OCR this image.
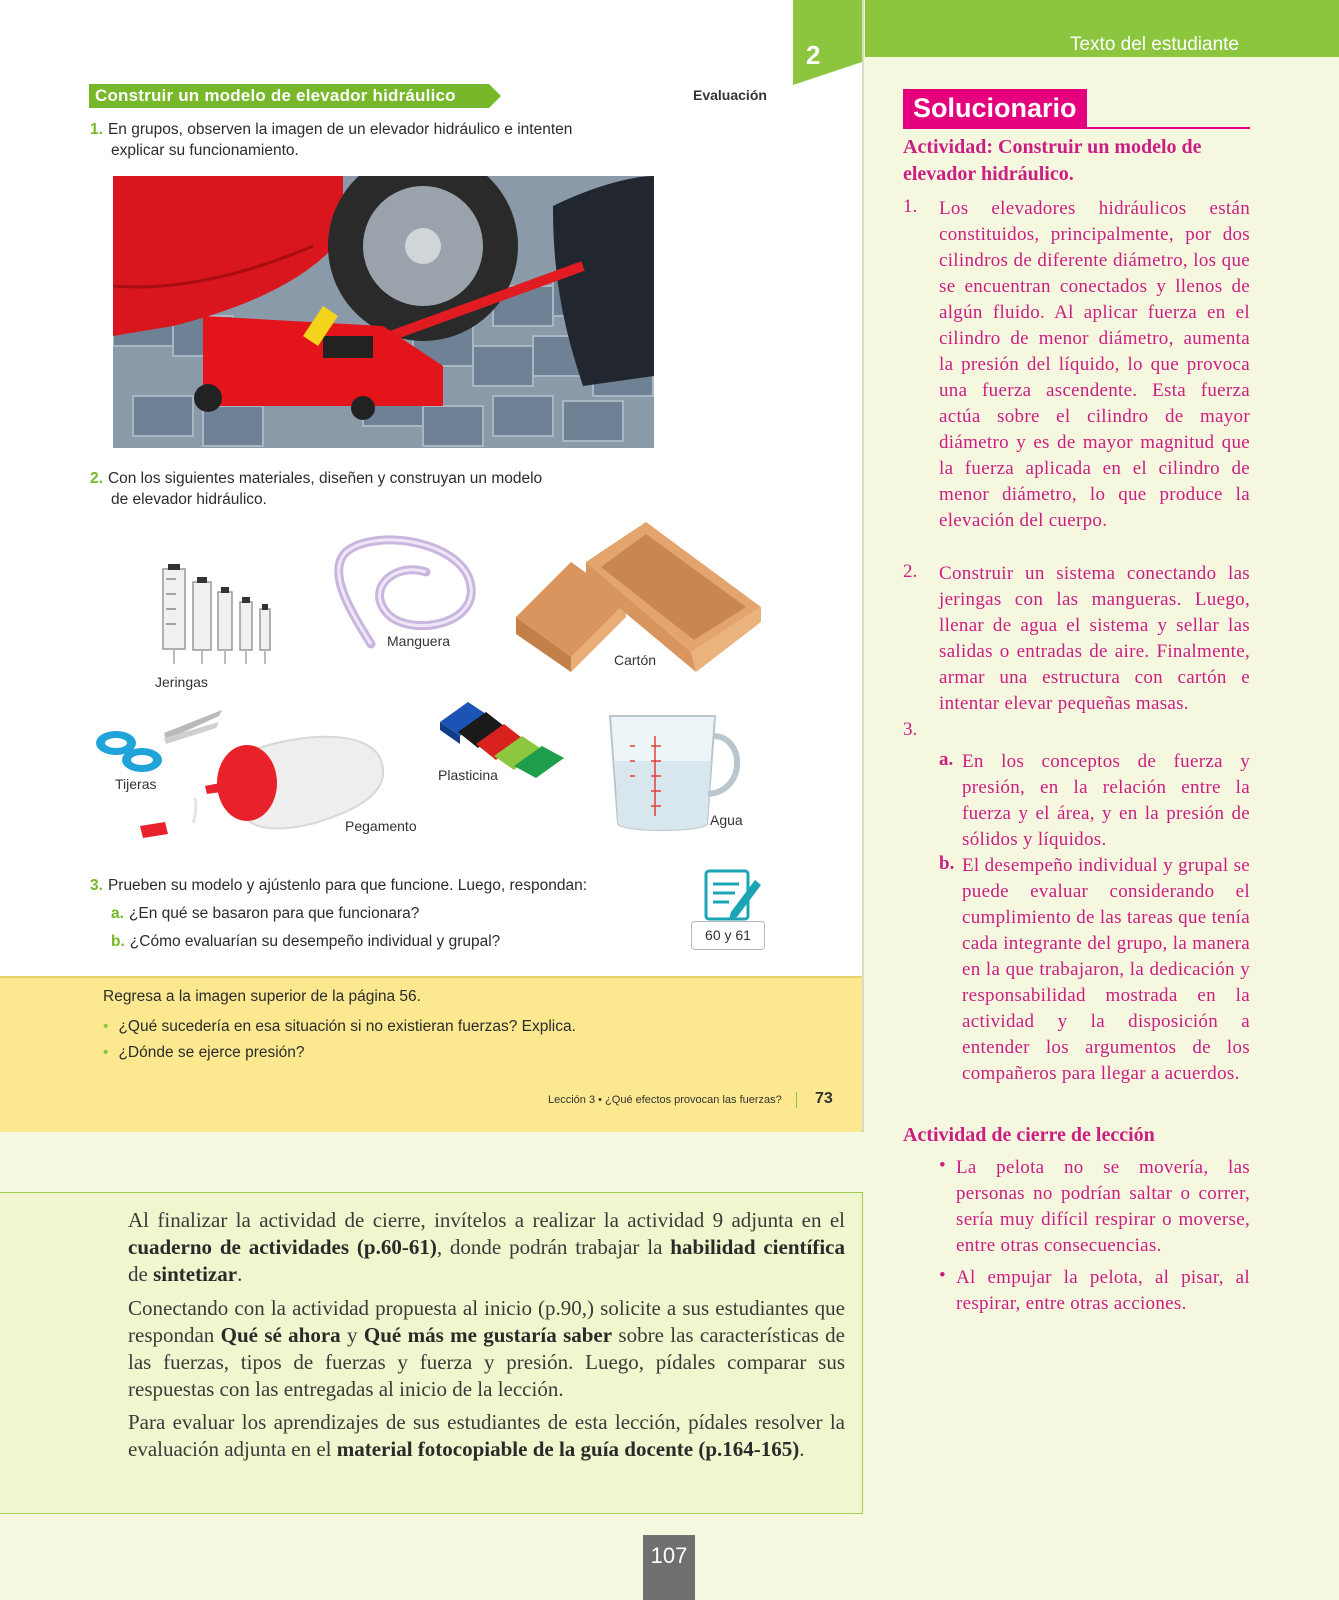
2
Construir un modelo de elevador hidráulico	Evaluación
1. En grupos, observen la imagen de un elevador hidráulico e intenten
explicar su funcionamiento.
2. Con los siguientes materiales, diseñen y construyan un modelo
de elevador hidráulico.
Jeringas
Manguera
Cartón
Tijeras
Pegamento
Plasticina
Agua
3. Prueben su modelo y ajústenlo para que funcione. Luego, respondan:
a. ¿En qué se basaron para que funcionara?
b. ¿Cómo evaluarían su desempeño individual y grupal?	60 y 61
Regresa a la imagen superior de la página 56.
• ¿Qué sucedería en esa situación si no existieran fuerzas? Explica.
• ¿Dónde se ejerce presión?
Lección 3 • ¿Qué efectos provocan las fuerzas? 73
Texto del estudiante
Solucionario
Actividad: Construir un modelo de
elevador hidráulico.
1. Los elevadores hidráulicos están constituidos, principalmente, por dos cilindros de diferente diámetro, los que se encuentran conectados y llenos de algún fluido. Al aplicar fuerza en el cilindro de menor diámetro, aumenta la presión del líquido, lo que provoca una fuerza ascendente. Esta fuerza actúa sobre el cilindro de mayor diámetro y es de mayor magnitud que la fuerza aplicada en el cilindro de menor diámetro, lo que produce la elevación del cuerpo.
2. Construir un sistema conectando las jeringas con las mangueras. Luego, llenar de agua el sistema y sellar las salidas o entradas de aire. Finalmente, armar una estructura con cartón e intentar elevar pequeñas masas.
3.
a. En los conceptos de fuerza y presión, en la relación entre la fuerza y el área, y en la presión de sólidos y líquidos.
b. El desempeño individual y grupal se puede evaluar considerando el cumplimiento de las tareas que tenía cada integrante del grupo, la manera en la que trabajaron, la dedicación y responsabilidad mostrada en la actividad y la disposición a entender los argumentos de los compañeros para llegar a acuerdos.
Actividad de cierre de lección
• La pelota no se movería, las personas no podrían saltar o correr, sería muy difícil respirar o moverse, entre otras consecuencias.
• Al empujar la pelota, al pisar, al respirar, entre otras acciones.
Al finalizar la actividad de cierre, invítelos a realizar la actividad 9 adjunta en el cuaderno de actividades (p.60-61), donde podrán trabajar la habilidad científica de sintetizar.
Conectando con la actividad propuesta al inicio (p.90,) solicite a sus estudiantes que respondan Qué sé ahora y Qué más me gustaría saber sobre las características de las fuerzas, tipos de fuerzas y fuerza y presión. Luego, pídales comparar sus respuestas con las entregadas al inicio de la lección.
Para evaluar los aprendizajes de sus estudiantes de esta lección, pídales resolver la evaluación adjunta en el material fotocopiable de la guía docente (p.164-165).
107
